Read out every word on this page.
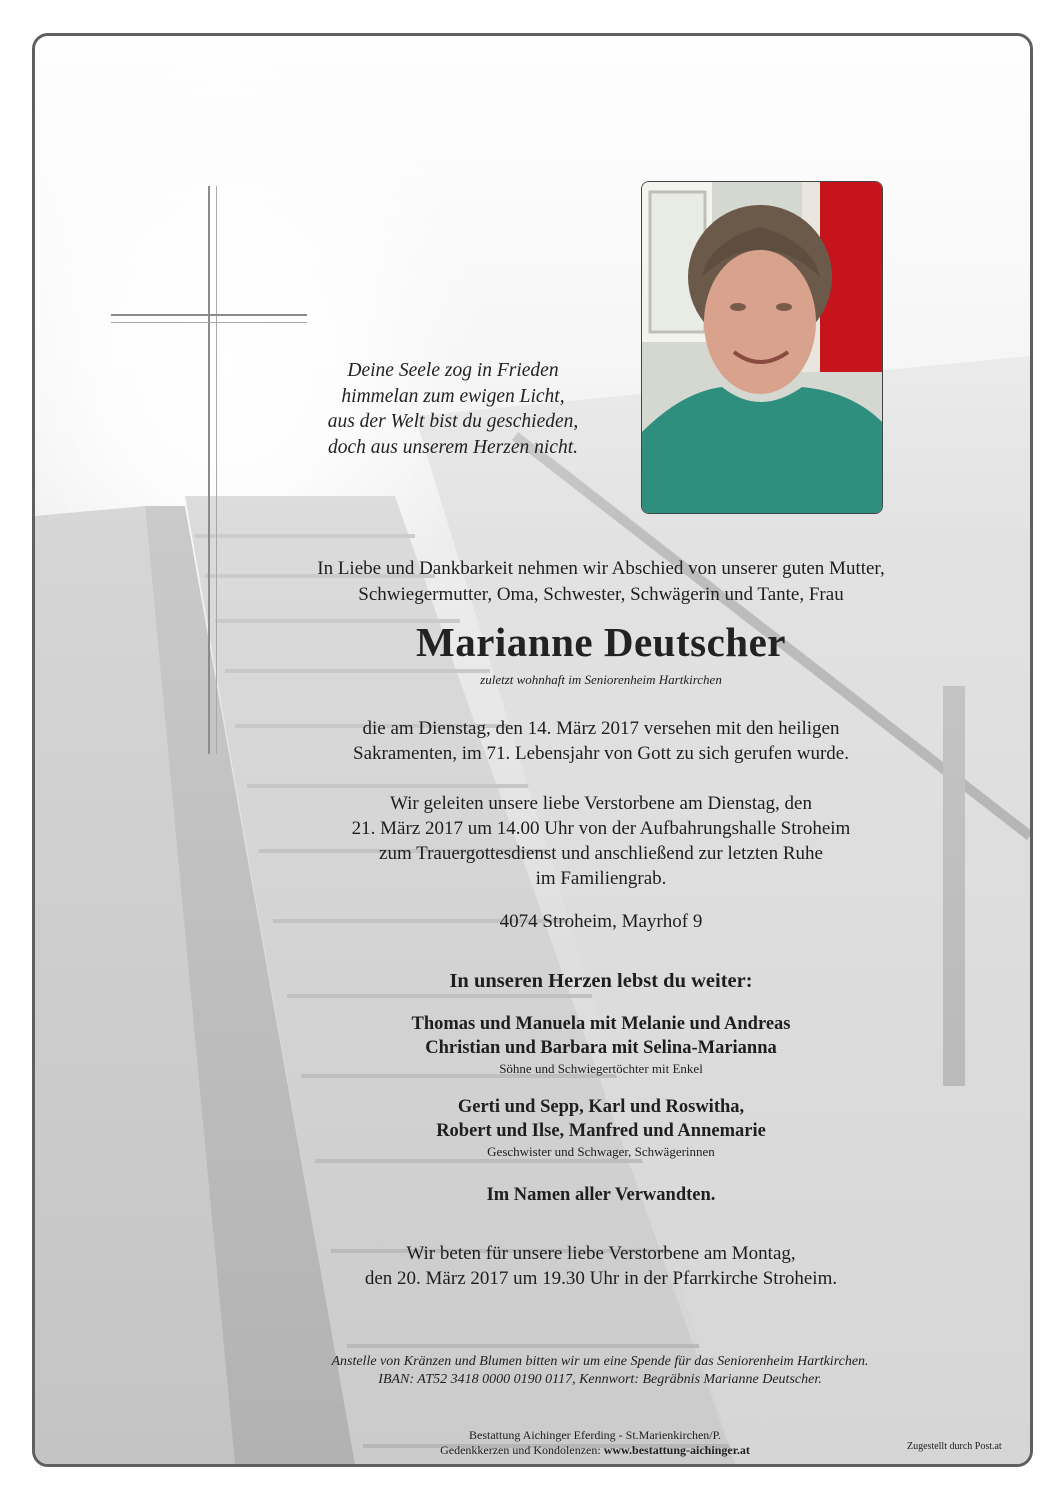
Deine Seele zog in Frieden
himmelan zum ewigen Licht,
aus der Welt bist du geschieden,
doch aus unserem Herzen nicht.
In Liebe und Dankbarkeit nehmen wir Abschied von unserer guten Mutter,
Schwiegermutter, Oma, Schwester, Schwägerin und Tante, Frau
Marianne Deutscher
zuletzt wohnhaft im Seniorenheim Hartkirchen
die am Dienstag, den 14. März 2017 versehen mit den heiligen
Sakramenten, im 71. Lebensjahr von Gott zu sich gerufen wurde.
Wir geleiten unsere liebe Verstorbene am Dienstag, den
21. März 2017 um 14.00 Uhr von der Aufbahrungshalle Stroheim
zum Trauergottesdienst und anschließend zur letzten Ruhe
im Familiengrab.
4074 Stroheim, Mayrhof 9
In unseren Herzen lebst du weiter:
Thomas und Manuela mit Melanie und Andreas
Christian und Barbara mit Selina-Marianna
Söhne und Schwiegertöchter mit Enkel
Gerti und Sepp, Karl und Roswitha,
Robert und Ilse, Manfred und Annemarie
Geschwister und Schwager, Schwägerinnen
Im Namen aller Verwandten.
Wir beten für unsere liebe Verstorbene am Montag,
den 20. März 2017 um 19.30 Uhr in der Pfarrkirche Stroheim.
Anstelle von Kränzen und Blumen bitten wir um eine Spende für das Seniorenheim Hartkirchen.
IBAN: AT52 3418 0000 0190 0117, Kennwort: Begräbnis Marianne Deutscher.
Bestattung Aichinger Eferding - St.Marienkirchen/P.
Gedenkkerzen und Kondolenzen: www.bestattung-aichinger.at	Zugestellt durch Post.at
